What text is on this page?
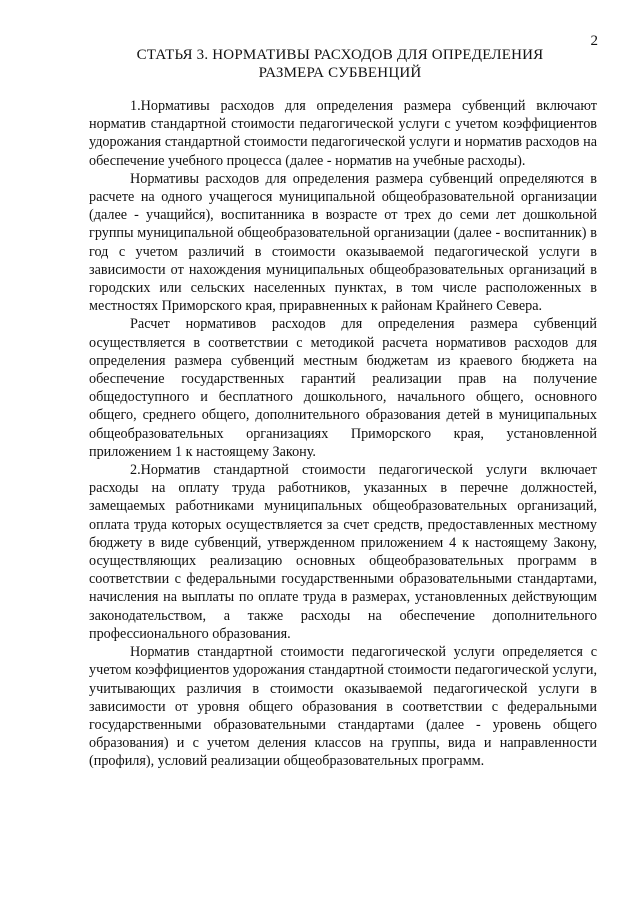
2
СТАТЬЯ 3. НОРМАТИВЫ РАСХОДОВ ДЛЯ ОПРЕДЕЛЕНИЯ
РАЗМЕРА СУБВЕНЦИЙ

1.Нормативы расходов для определения размера субвенций включают норматив стандартной стоимости педагогической услуги с учетом коэффициентов удорожания стандартной стоимости педагогической услуги и норматив расходов на обеспечение учебного процесса (далее - норматив на учебные расходы).

Нормативы расходов для определения размера субвенций определяются в расчете на одного учащегося муниципальной общеобразовательной организации (далее - учащийся), воспитанника в возрасте от трех до семи лет дошкольной группы муниципальной общеобразовательной организации (далее - воспитанник) в год с учетом различий в стоимости оказываемой педагогической услуги в зависимости от нахождения муниципальных общеобразовательных организаций в городских или сельских населенных пунктах, в том числе расположенных в местностях Приморского края, приравненных к районам Крайнего Севера.

Расчет нормативов расходов для определения размера субвенций осуществляется в соответствии с методикой расчета нормативов расходов для определения размера субвенций местным бюджетам из краевого бюджета на обеспечение государственных гарантий реализации прав на получение общедоступного и бесплатного дошкольного, начального общего, основного общего, среднего общего, дополнительного образования детей в муниципальных общеобразовательных организациях Приморского края, установленной приложением 1 к настоящему Закону.

2.Норматив стандартной стоимости педагогической услуги включает расходы на оплату труда работников, указанных в перечне должностей, замещаемых работниками муниципальных общеобразовательных организаций, оплата труда которых осуществляется за счет средств, предоставленных местному бюджету в виде субвенций, утвержденном приложением 4 к настоящему Закону, осуществляющих реализацию основных общеобразовательных программ в соответствии с федеральными государственными образовательными стандартами, начисления на выплаты по оплате труда в размерах, установленных действующим законодательством, а также расходы на обеспечение дополнительного профессионального образования.

Норматив стандартной стоимости педагогической услуги определяется с учетом коэффициентов удорожания стандартной стоимости педагогической услуги, учитывающих различия в стоимости оказываемой педагогической услуги в зависимости от уровня общего образования в соответствии с федеральными государственными образовательными стандартами (далее - уровень общего образования) и с учетом деления классов на группы, вида и направленности (профиля), условий реализации общеобразовательных программ.
